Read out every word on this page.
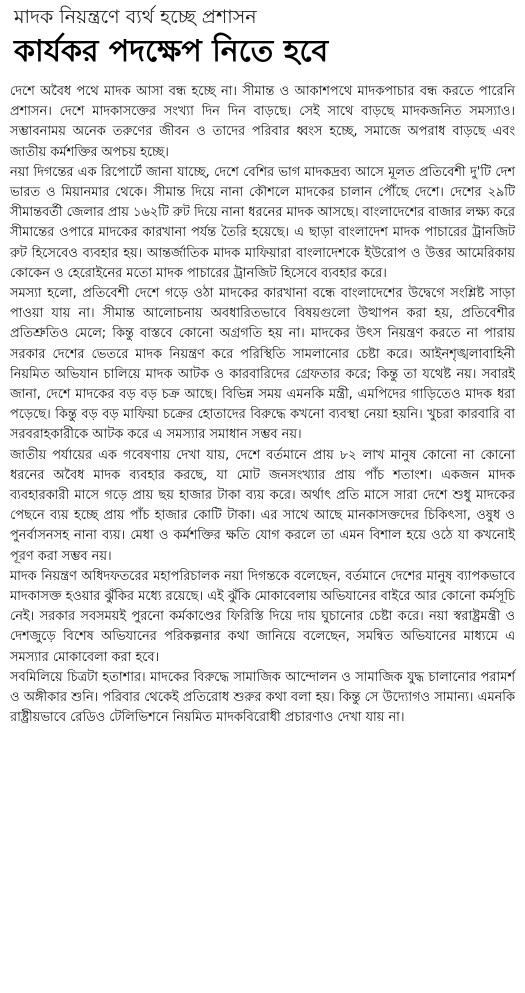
মাদক নিয়ন্ত্রণে ব্যর্থ হচ্ছে প্রশাসন
কার্যকর পদক্ষেপ নিতে হবে

দেশে অবৈধ পথে মাদক আসা বন্ধ হচ্ছে না। সীমান্ত ও আকাশপথে মাদকপাচার বন্ধ করতে পারেনি প্রশাসন। দেশে মাদকাসক্তের সংখ্যা দিন দিন বাড়ছে। সেই সাথে বাড়ছে মাদকজনিত সমস্যাও। সম্ভাবনাময় অনেক তরুণের জীবন ও তাদের পরিবার ধ্বংস হচ্ছে, সমাজে অপরাধ বাড়ছে এবং জাতীয় কর্মশক্তির অপচয় হচ্ছে।

নয়া দিগন্তের এক রিপোর্টে জানা যাচ্ছে, দেশে বেশির ভাগ মাদকদ্রব্য আসে মূলত প্রতিবেশী দু'টি দেশ ভারত ও মিয়ানমার থেকে। সীমান্ত দিয়ে নানা কৌশলে মাদকের চালান পৌঁছে দেশে। দেশের ২৯টি সীমান্তবর্তী জেলার প্রায় ১৬২টি রুট দিয়ে নানা ধরনের মাদক আসছে। বাংলাদেশের বাজার লক্ষ্য করে সীমান্তের ওপারে মাদকের কারখানা পর্যন্ত তৈরি হয়েছে। এ ছাড়া বাংলাদেশ মাদক পাচারের ট্রানজিট রুট হিসেবেও ব্যবহার হয়। আন্তর্জাতিক মাদক মাফিয়ারা বাংলাদেশকে ইউরোপ ও উত্তর আমেরিকায় কোকেন ও হেরোইনের মতো মাদক পাচারের ট্রানজিট হিসেবে ব্যবহার করে।

সমস্যা হলো, প্রতিবেশী দেশে গড়ে ওঠা মাদকের কারখানা বন্ধে বাংলাদেশের উদ্বেগে সংশ্লিষ্ট সাড়া পাওয়া যায় না। সীমান্ত আলোচনায় অবধারিতভাবে বিষয়গুলো উত্থাপন করা হয়, প্রতিবেশীর প্রতিশ্রুতিও মেলে; কিন্তু বাস্তবে কোনো অগ্রগতি হয় না। মাদকের উৎস নিয়ন্ত্রণ করতে না পারায় সরকার দেশের ভেতরে মাদক নিয়ন্ত্রণ করে পরিস্থিতি সামলানোর চেষ্টা করে। আইনশৃঙ্খলাবাহিনী নিয়মিত অভিযান চালিয়ে মাদক আটক ও কারবারিদের গ্রেফতার করে; কিন্তু তা যথেষ্ট নয়। সবারই জানা, দেশে মাদকের বড় বড় চক্র আছে। বিভিন্ন সময় এমনকি মন্ত্রী, এমপিদের গাড়িতেও মাদক ধরা পড়েছে। কিন্তু বড় বড় মাফিয়া চক্রের হোতাদের বিরুদ্ধে কখনো ব্যবস্থা নেয়া হয়নি। খুচরা কারবারি বা সরবরাহকারীকে আটক করে এ সমস্যার সমাধান সম্ভব নয়।

জাতীয় পর্যায়ের এক গবেষণায় দেখা যায়, দেশে বর্তমানে প্রায় ৮২ লাখ মানুষ কোনো না কোনো ধরনের অবৈধ মাদক ব্যবহার করছে, যা মোট জনসংখ্যার প্রায় পাঁচ শতাংশ। একজন মাদক ব্যবহারকারী মাসে গড়ে প্রায় ছয় হাজার টাকা ব্যয় করে। অর্থাৎ প্রতি মাসে সারা দেশে শুধু মাদকের পেছনে ব্যয় হচ্ছে প্রায় পাঁচ হাজার কোটি টাকা। এর সাথে আছে মানকাসক্তদের চিকিৎসা, ওষুধ ও পুনর্বাসনসহ নানা ব্যয়। মেধা ও কর্মশক্তির ক্ষতি যোগ করলে তা এমন বিশাল হয়ে ওঠে যা কখনোই পূরণ করা সম্ভব নয়।

মাদক নিয়ন্ত্রণ অধিদফতরের মহাপরিচালক নয়া দিগন্তকে বলেছেন, বর্তমানে দেশের মানুষ ব্যাপকভাবে মাদকাসক্ত হওয়ার ঝুঁকির মধ্যে রয়েছে। এই ঝুঁকি মোকাবেলায় অভিযানের বাইরে আর কোনো কর্মসূচি নেই। সরকার সবসময়ই পুরনো কর্মকাণ্ডের ফিরিস্তি দিয়ে দায় ঘুচানোর চেষ্টা করে। নয়া স্বরাষ্ট্রমন্ত্রী ও দেশজুড়ে বিশেষ অভিযানের পরিকল্পনার কথা জানিয়ে বলেছেন, সমন্বিত অভিযানের মাধ্যমে এ সমস্যার মোকাবেলা করা হবে।

সবমিলিয়ে চিত্রটা হতাশার। মাদকের বিরুদ্ধে সামাজিক আন্দোলন ও সামাজিক যুদ্ধ চালানোর পরামর্শ ও অঙ্গীকার শুনি। পরিবার থেকেই প্রতিরোধ শুরুর কথা বলা হয়। কিন্তু সে উদ্যোগও সামান্য। এমনকি রাষ্ট্রীয়ভাবে রেডিও টেলিভিশনে নিয়মিত মাদকবিরোধী প্রচারণাও দেখা যায় না।
